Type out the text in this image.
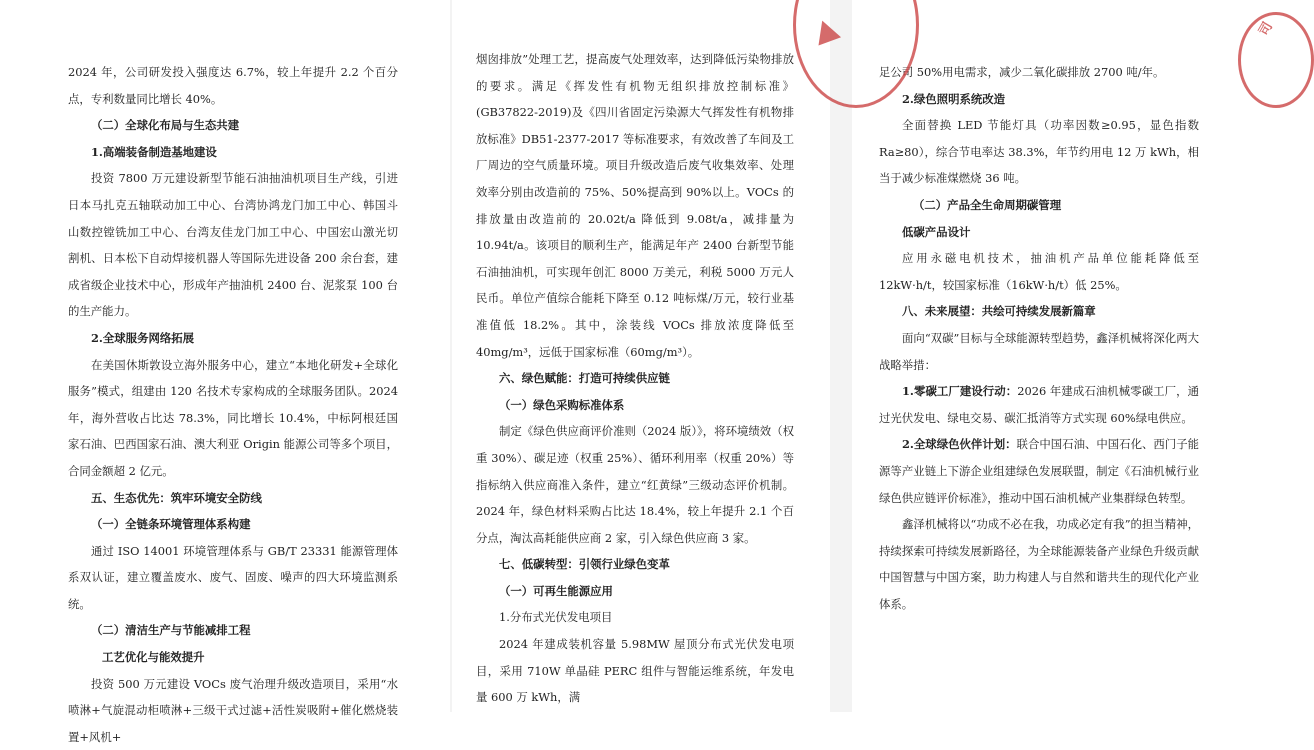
2024 年，公司研发投入强度达 6.7%，较上年提升 2.2 个百分点，专利数量同比增长 40%。

（二）全球化布局与生态共建

1.高端装备制造基地建设

投资 7800 万元建设新型节能石油抽油机项目生产线，引进日本马扎克五轴联动加工中心、台湾协鸿龙门加工中心、韩国斗山数控镗铣加工中心、台湾友佳龙门加工中心、中国宏山激光切割机、日本松下自动焊接机器人等国际先进设备 200 余台套，建成省级企业技术中心，形成年产抽油机 2400 台、泥浆泵 100 台的生产能力。

2.全球服务网络拓展

在美国休斯敦设立海外服务中心，建立“本地化研发+全球化服务”模式，组建由 120 名技术专家构成的全球服务团队。2024 年，海外营收占比达 78.3%，同比增长 10.4%，中标阿根廷国家石油、巴西国家石油、澳大利亚 Origin 能源公司等多个项目，合同金额超 2 亿元。

五、生态优先：筑牢环境安全防线

（一）全链条环境管理体系构建

通过 ISO 14001 环境管理体系与 GB/T 23331 能源管理体系双认证，建立覆盖废水、废气、固废、噪声的四大环境监测系统。

（二）清洁生产与节能减排工程

工艺优化与能效提升

投资 500 万元建设 VOCs 废气治理升级改造项目，采用“水喷淋+气旋混动柜喷淋+三级干式过滤+活性炭吸附+催化燃烧装置+风机+

烟囱排放”处理工艺，提高废气处理效率，达到降低污染物排放的要求。满足《挥发性有机物无组织排放控制标准》(GB37822-2019)及《四川省固定污染源大气挥发性有机物排放标准》DB51-2377-2017 等标准要求，有效改善了车间及工厂周边的空气质量环境。项目升级改造后废气收集效率、处理效率分别由改造前的 75%、50%提高到 90%以上。VOCs 的排放量由改造前的 20.02t/a 降低到 9.08t/a，减排量为 10.94t/a。该项目的顺利生产，能满足年产 2400 台新型节能石油抽油机，可实现年创汇 8000 万美元，利税 5000 万元人民币。单位产值综合能耗下降至 0.12 吨标煤/万元，较行业基准值低 18.2%。其中，涂装线 VOCs 排放浓度降低至 40mg/m³，远低于国家标准（60mg/m³）。

六、绿色赋能：打造可持续供应链

（一）绿色采购标准体系

制定《绿色供应商评价准则（2024 版）》，将环境绩效（权重 30%）、碳足迹（权重 25%）、循环利用率（权重 20%）等指标纳入供应商准入条件，建立“红黄绿”三级动态评价机制。2024 年，绿色材料采购占比达 18.4%，较上年提升 2.1 个百分点，淘汰高耗能供应商 2 家，引入绿色供应商 3 家。

七、低碳转型：引领行业绿色变革

（一）可再生能源应用

1.分布式光伏发电项目

2024 年建成装机容量 5.98MW 屋顶分布式光伏发电项目，采用 710W 单晶硅 PERC 组件与智能运维系统，年发电量 600 万 kWh，满

足公司 50%用电需求，减少二氧化碳排放 2700 吨/年。

2.绿色照明系统改造

全面替换 LED 节能灯具（功率因数≥0.95，显色指数 Ra≥80），综合节电率达 38.3%，年节约用电 12 万 kWh，相当于减少标准煤燃烧 36 吨。

（二）产品全生命周期碳管理

低碳产品设计

应用永磁电机技术，抽油机产品单位能耗降低至 12kW·h/t，较国家标准（16kW·h/t）低 25%。

八、未来展望：共绘可持续发展新篇章

面向“双碳”目标与全球能源转型趋势，鑫泽机械将深化两大战略举措：

1.零碳工厂建设行动：2026 年建成石油机械零碳工厂，通过光伏发电、绿电交易、碳汇抵消等方式实现 60%绿电供应。

2.全球绿色伙伴计划：联合中国石油、中国石化、西门子能源等产业链上下游企业组建绿色发展联盟，制定《石油机械行业绿色供应链评价标准》，推动中国石油机械产业集群绿色转型。

鑫泽机械将以“功成不必在我，功成必定有我”的担当精神，持续探索可持续发展新路径，为全球能源装备产业绿色升级贡献中国智慧与中国方案，助力构建人与自然和谐共生的现代化产业体系。

司
